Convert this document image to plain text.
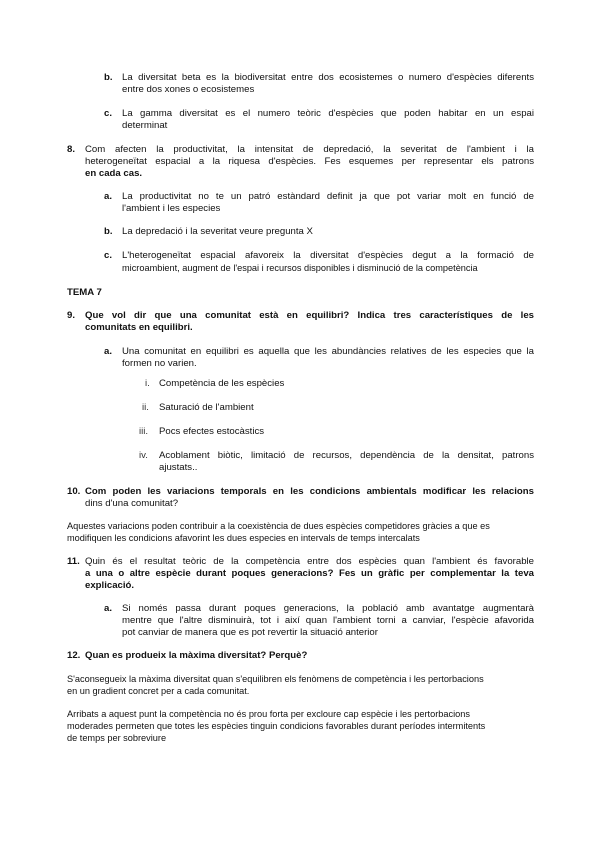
b. La diversitat beta es la biodiversitat entre dos ecosistemes o numero d'espècies diferents
entre dos xones o ecosistemes

c. La gamma diversitat es el numero teòric d'espècies que poden habitar en un espai
determinat

8. Com afecten la productivitat, la intensitat de depredació, la severitat de l'ambient i la
heterogeneïtat espacial a la riquesa d'espècies. Fes esquemes per representar els patrons
en cada cas.

a. La productivitat no te un patró estàndard definit ja que pot variar molt en funció de
l'ambient i les especies

b. La depredació i la severitat veure pregunta X
c. L'heterogeneïtat espacial afavoreix la diversitat d'espècies degut a la formació de
microambient, augment de l'espai i recursos disponibles i disminució de la competència

TEMA 7
9. Que vol dir que una comunitat està en equilibri? Indica tres característiques de les
comunitats en equilibri.

a. Una comunitat en equilibri es aquella que les abundàncies relatives de les especies que la
formen no varien.

i. Competència de les espècies
ii. Saturació de l'ambient
iii. Pocs efectes estocàstics
iv. Acoblament biòtic, limitació de recursos, dependència de la densitat, patrons
ajustats..

10. Com poden les variacions temporals en les condicions ambientals modificar les relacions
dins d'una comunitat?

Aquestes variacions poden contribuir a la coexistència de dues espècies competidores gràcies a que es
modifiquen les condicions afavorint les dues especies en intervals de temps intercalats

11. Quin és el resultat teòric de la competència entre dos espècies quan l'ambient és favorable
a una o altre espècie durant poques generacions? Fes un gràfic per complementar la teva
explicació.

a. Si només passa durant poques generacions, la població amb avantatge augmentarà
mentre que l'altre disminuirà, tot i així quan l'ambient torni a canviar, l'espècie afavorida
pot canviar de manera que es pot revertir la situació anterior

12. Quan es produeix la màxima diversitat? Perquè?

S'aconsegueix la màxima diversitat quan s'equilibren els fenòmens de competència i les pertorbacions
en un gradient concret per a cada comunitat.

Arribats a aquest punt la competència no és prou forta per excloure cap espècie i les pertorbacions
moderades permeten que totes les espècies tinguin condicions favorables durant períodes intermitents
de temps per sobreviure
